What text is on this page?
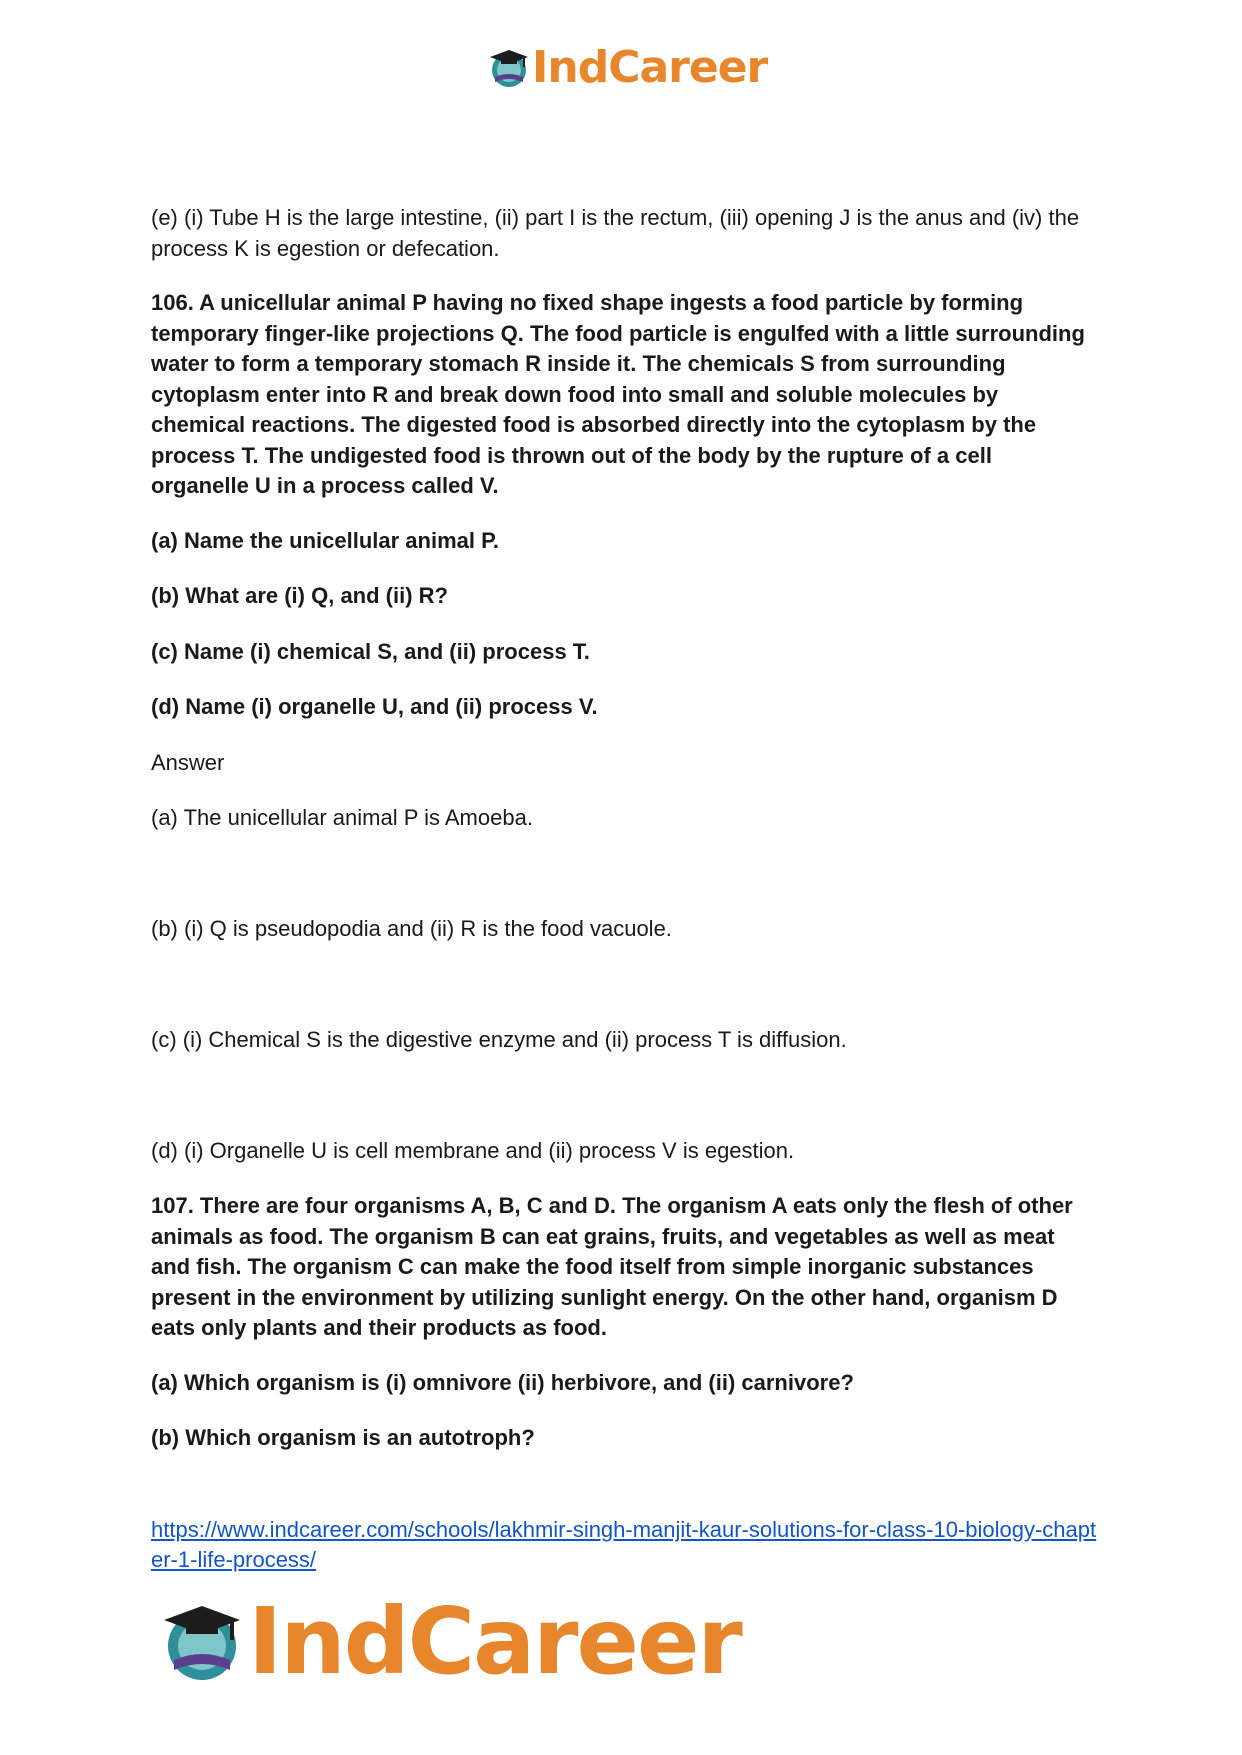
IndCareer

(e) (i) Tube H is the large intestine, (ii) part I is the rectum, (iii) opening J is the anus and (iv) the process K is egestion or defecation.

106. A unicellular animal P having no fixed shape ingests a food particle by forming temporary finger-like projections Q. The food particle is engulfed with a little surrounding water to form a temporary stomach R inside it. The chemicals S from surrounding cytoplasm enter into R and break down food into small and soluble molecules by chemical reactions. The digested food is absorbed directly into the cytoplasm by the process T. The undigested food is thrown out of the body by the rupture of a cell organelle U in a process called V.

(a) Name the unicellular animal P.

(b) What are (i) Q, and (ii) R?

(c) Name (i) chemical S, and (ii) process T.

(d) Name (i) organelle U, and (ii) process V.

Answer

(a) The unicellular animal P is Amoeba.

(b) (i) Q is pseudopodia and (ii) R is the food vacuole.

(c) (i) Chemical S is the digestive enzyme and (ii) process T is diffusion.

(d) (i) Organelle U is cell membrane and (ii) process V is egestion.

107. There are four organisms A, B, C and D. The organism A eats only the flesh of other animals as food. The organism B can eat grains, fruits, and vegetables as well as meat and fish. The organism C can make the food itself from simple inorganic substances present in the environment by utilizing sunlight energy. On the other hand, organism D eats only plants and their products as food.

(a) Which organism is (i) omnivore (ii) herbivore, and (ii) carnivore?

(b) Which organism is an autotroph?

https://www.indcareer.com/schools/lakhmir-singh-manjit-kaur-solutions-for-class-10-biology-chapter-1-life-process/
IndCareer
